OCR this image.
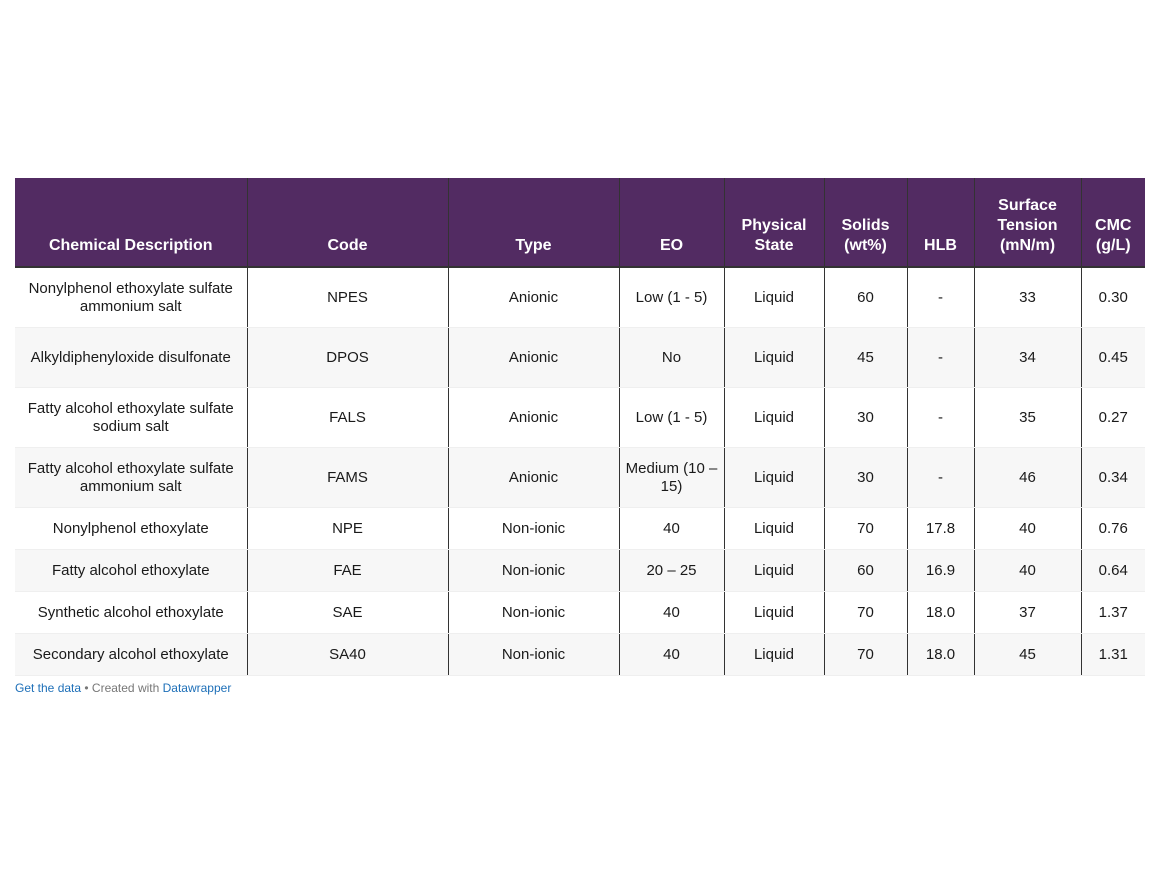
Chemical Description	Code	Type	EO	Physical State	Solids (wt%)	HLB	Surface Tension (mN/m)	CMC (g/L)
Nonylphenol ethoxylate sulfate ammonium salt	NPES	Anionic	Low (1 - 5)	Liquid	60	-	33	0.30
Alkyldiphenyloxide disulfonate	DPOS	Anionic	No	Liquid	45	-	34	0.45
Fatty alcohol ethoxylate sulfate sodium salt	FALS	Anionic	Low (1 - 5)	Liquid	30	-	35	0.27
Fatty alcohol ethoxylate sulfate ammonium salt	FAMS	Anionic	Medium (10 – 15)	Liquid	30	-	46	0.34
Nonylphenol ethoxylate	NPE	Non-ionic	40	Liquid	70	17.8	40	0.76
Fatty alcohol ethoxylate	FAE	Non-ionic	20 – 25	Liquid	60	16.9	40	0.64
Synthetic alcohol ethoxylate	SAE	Non-ionic	40	Liquid	70	18.0	37	1.37
Secondary alcohol ethoxylate	SA40	Non-ionic	40	Liquid	70	18.0	45	1.31
Get the data • Created with Datawrapper
